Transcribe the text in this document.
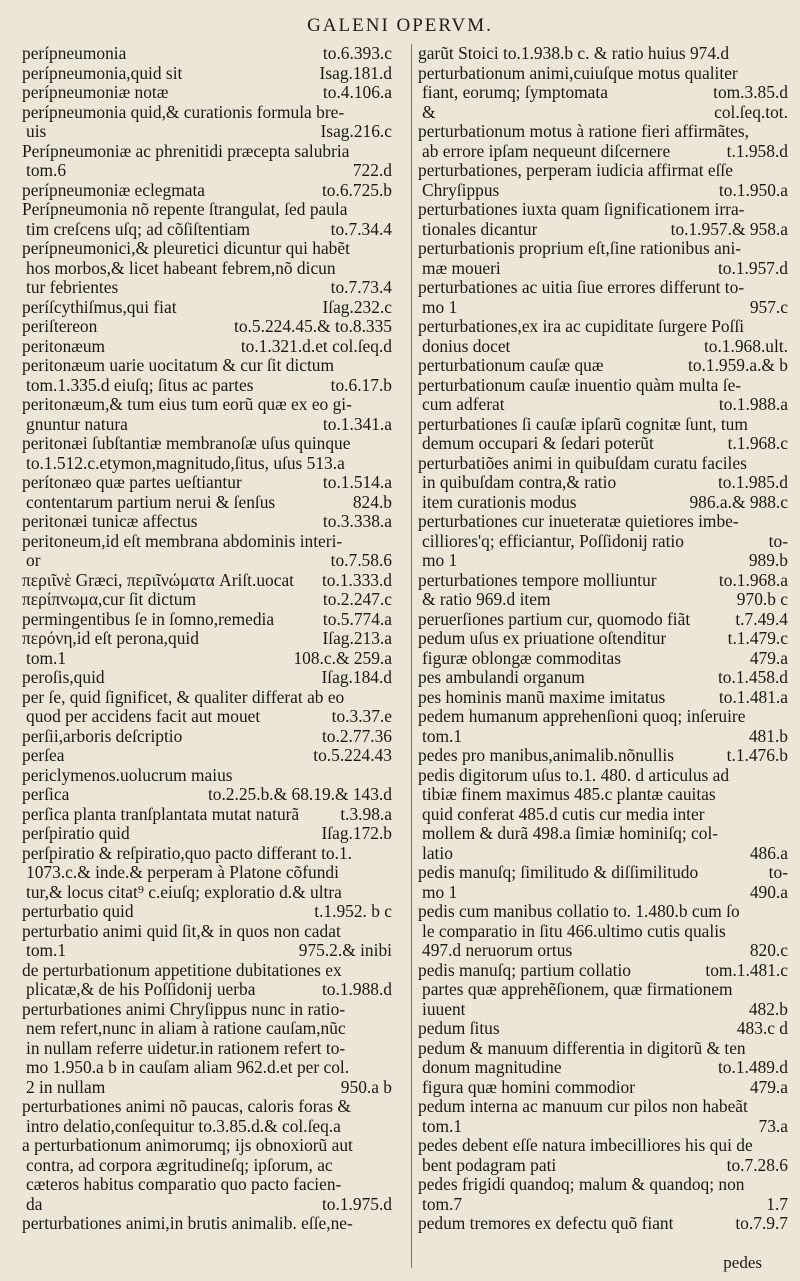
GALENI OPERVM.
perípneumonia	to.6.393.c
perípneumonia,quid sit	Isag.181.d
perípneumoniæ notæ	to.4.106.a
perípneumonia quid,& curationis formula bre-
uis	Isag.216.c
Perípneumoniæ ac phrenitidi præcepta salubria
tom.6	722.d
perípneumoniæ eclegmata	to.6.725.b
Perípneumonia nõ repente ſtrangulat, ſed paula
tim creſcens uſq; ad cõſiſtentiam	to.7.34.4
perípneumonici,& pleuretici dicuntur qui habẽt
hos morbos,& licet habeant febrem,nõ dicun
tur febrientes	to.7.73.4
períſcythiſmus,qui fiat	Iſag.232.c
periſtereon	to.5.224.45.& to.8.335
peritonæum	to.1.321.d.et col.ſeq.d
peritonæum uarie uocitatum & cur ſit dictum
tom.1.335.d eiuſq; ſitus ac partes	to.6.17.b
peritonæum,& tum eius tum eorũ quæ ex eo gi-
gnuntur natura	to.1.341.a
peritonæi ſubſtantiæ membranoſæ uſus quinque
to.1.512.c.etymon,magnitudo,ſitus, uſus 513.a
perítonæo quæ partes ueſtiantur	to.1.514.a
contentarum partium nerui & ſenſus	824.b
peritonæi tunicæ affectus	to.3.338.a
peritoneum,id eſt membrana abdominis interi-
or	to.7.58.6
περιῖνὲ Græci, περιῖνώματα Ariſt.uocat	to.1.333.d
περίπνωμα,cur ſit dictum	to.2.247.c
permingentibus ſe in ſomno,remedia	to.5.774.a
περόνη,id eſt perona,quid	Iſag.213.a
tom.1	108.c.& 259.a
peroſis,quid	Iſag.184.d
per ſe, quid ſignificet, & qualiter differat ab eo
quod per accidens facit aut mouet	to.3.37.e
perſii,arboris deſcriptio	to.2.77.36
perſea	to.5.224.43
periclymenos.uolucrum maius
perſica	to.2.25.b.& 68.19.& 143.d
perſica planta tranſplantata mutat naturã	t.3.98.a
perſpiratio quid	Iſag.172.b
perſpiratio & reſpiratio,quo pacto differant to.1.
1073.c.& inde.& perperam à Platone cõfundi
tur,& locus citat⁹ c.eiuſq; exploratio d.& ultra
perturbatio quid	t.1.952. b c
perturbatio animi quid ſit,& in quos non cadat
tom.1	975.2.& inibi
de perturbationum appetitione dubitationes ex
plicatæ,& de his Poſſidonij uerba	to.1.988.d
perturbationes animi Chryſippus nunc in ratio-
nem refert,nunc in aliam à ratione cauſam,nũc
in nullam referre uidetur.in rationem refert to-
mo 1.950.a b in cauſam aliam 962.d.et per col.
2 in nullam	950.a b
perturbationes animi nõ paucas, caloris foras &
intro delatio,conſequitur to.3.85.d.& col.ſeq.a
a perturbationum animorumq; ijs obnoxiorũ aut
contra, ad corpora ægritudineſq; ipſorum, ac
cæteros habitus comparatio quo pacto facien-
da	to.1.975.d
perturbationes animi,in brutis animalib. eſſe,ne-
garũt Stoici to.1.938.b c. & ratio huius 974.d
perturbationum animi,cuiuſque motus qualiter
fiant, eorumq; ſymptomata	tom.3.85.d
&	col.ſeq.tot.
perturbationum motus à ratione fieri affirmãtes,
ab errore ipſam nequeunt diſcernere	t.1.958.d
perturbationes, perperam iudicia affirmat eſſe
Chryſippus	to.1.950.a
perturbationes iuxta quam ſignificationem irra-
tionales dicantur	to.1.957.& 958.a
perturbationis proprium eſt,ſine rationibus ani-
mæ moueri	to.1.957.d
perturbationes ac uitia ſiue errores differunt to-
mo 1	957.c
perturbationes,ex ira ac cupiditate ſurgere Poſſi
donius docet	to.1.968.ult.
perturbationum cauſæ quæ	to.1.959.a.& b
perturbationum cauſæ inuentio quàm multa ſe-
cum adferat	to.1.988.a
perturbationes ſi cauſæ ipſarũ cognitæ ſunt, tum
demum occupari & ſedari poterũt	t.1.968.c
perturbatiões animi in quibuſdam curatu faciles
in quibuſdam contra,& ratio	to.1.985.d
item curationis modus	986.a.& 988.c
perturbationes cur inueteratæ quietiores imbe-
cilliores'q; efficiantur, Poſſidonij ratio	to-
mo 1	989.b
perturbationes tempore molliuntur	to.1.968.a
& ratio 969.d item	970.b c
peruerſiones partium cur, quomodo fiãt	t.7.49.4
pedum uſus ex priuatione oſtenditur	t.1.479.c
figuræ oblongæ commoditas	479.a
pes ambulandi organum	to.1.458.d
pes hominis manũ maxime imitatus	to.1.481.a
pedem humanum apprehenſioni quoq; inſeruire
tom.1	481.b
pedes pro manibus,animalib.nõnullis	t.1.476.b
pedis digitorum uſus to.1. 480. d articulus ad
tibiæ finem maximus 485.c plantæ cauitas
quid conferat 485.d cutis cur media inter
mollem & durã 498.a ſimiæ hominiſq; col-
latio	486.a
pedis manuſq; ſimilitudo & diſſimilitudo	to-
mo 1	490.a
pedis cum manibus collatio to. 1.480.b cum ſo
le comparatio in ſitu 466.ultimo cutis qualis
497.d neruorum ortus	820.c
pedis manuſq; partium collatio	tom.1.481.c
partes quæ apprehẽſionem, quæ firmationem
iuuent	482.b
pedum ſitus	483.c d
pedum & manuum differentia in digitorũ & ten
donum magnitudine	to.1.489.d
figura quæ homini commodior	479.a
pedum interna ac manuum cur pilos non habeãt
tom.1	73.a
pedes debent eſſe natura imbecilliores his qui de
bent podagram pati	to.7.28.6
pedes frigidi quandoq; malum & quandoq; non
tom.7	1.7
pedum tremores ex defectu quõ fiant	to.7.9.7
pedes
